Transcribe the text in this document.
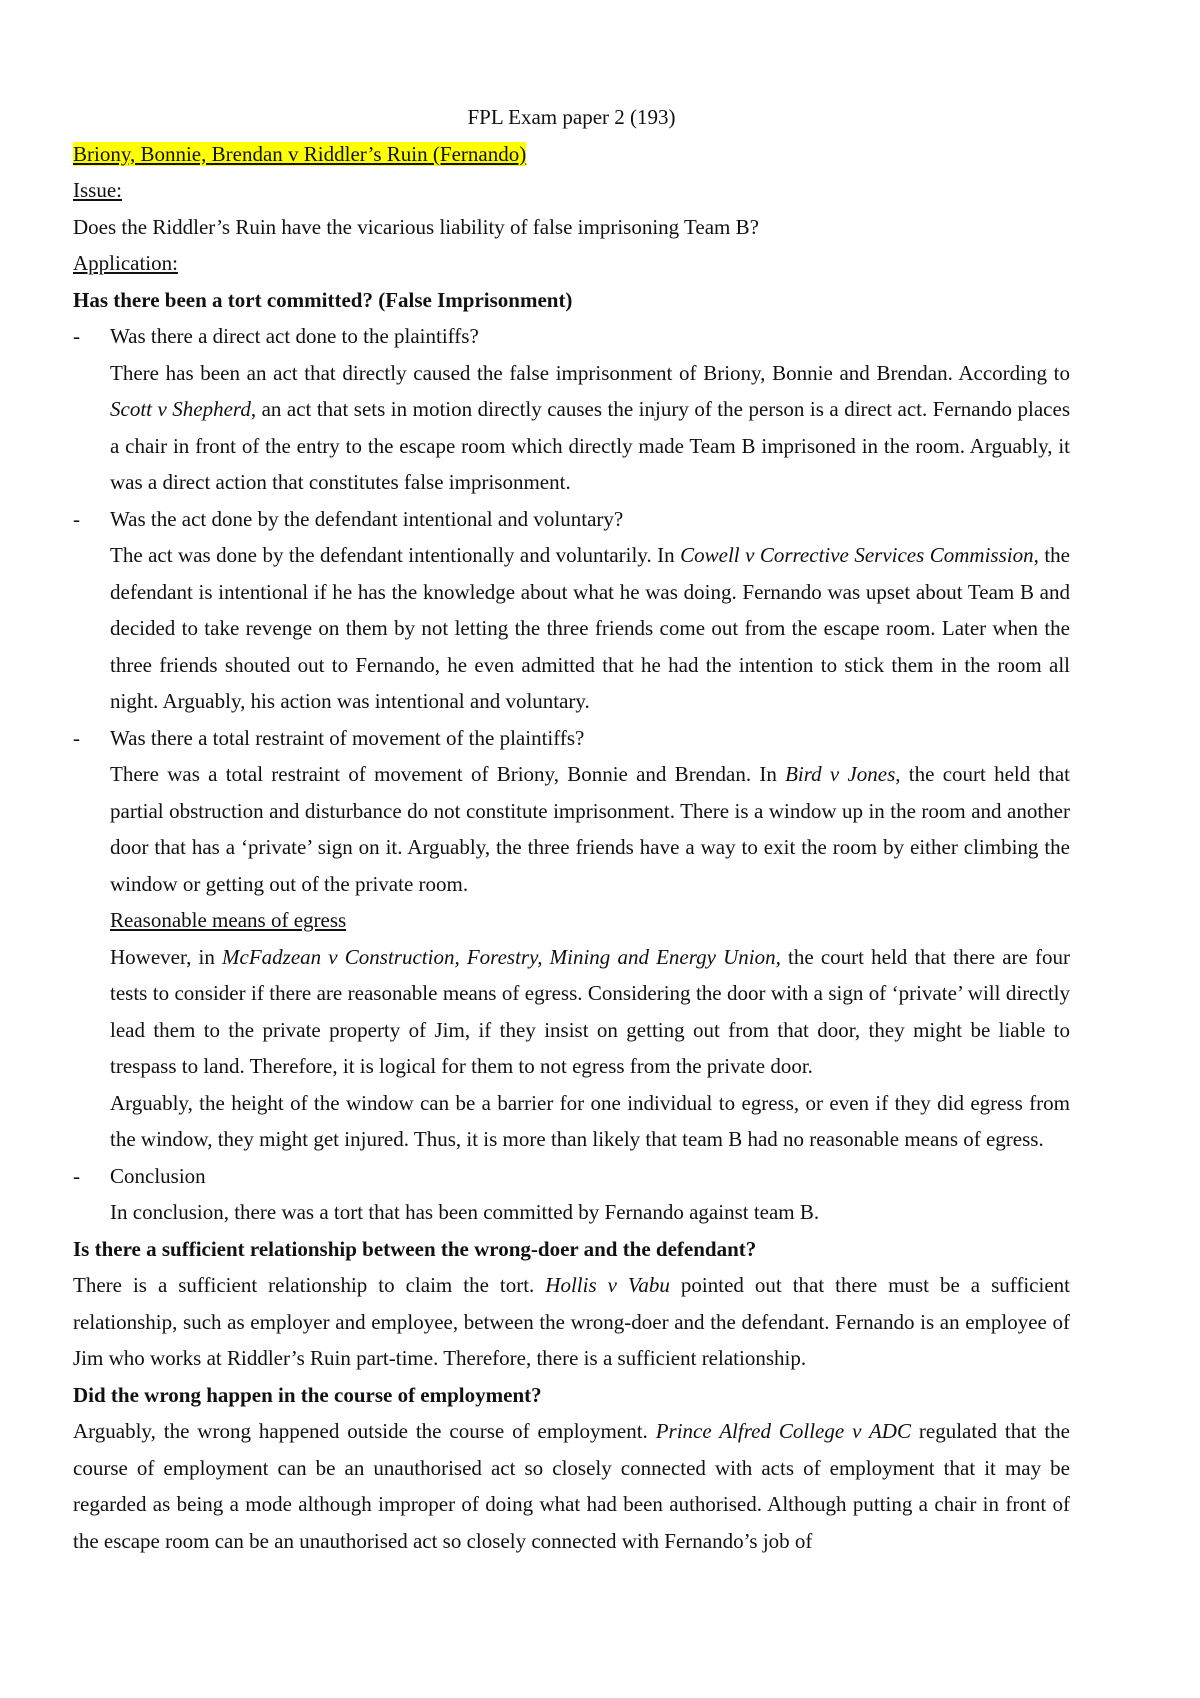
FPL Exam paper 2 (193)

Briony, Bonnie, Brendan v Riddler’s Ruin (Fernando)

Issue:

Does the Riddler’s Ruin have the vicarious liability of false imprisoning Team B?

Application:

Has there been a tort committed? (False Imprisonment)

- Was there a direct act done to the plaintiffs?

There has been an act that directly caused the false imprisonment of Briony, Bonnie and Brendan. According to Scott v Shepherd, an act that sets in motion directly causes the injury of the person is a direct act. Fernando places a chair in front of the entry to the escape room which directly made Team B imprisoned in the room. Arguably, it was a direct action that constitutes false imprisonment.

- Was the act done by the defendant intentional and voluntary?

The act was done by the defendant intentionally and voluntarily. In Cowell v Corrective Services Commission, the defendant is intentional if he has the knowledge about what he was doing. Fernando was upset about Team B and decided to take revenge on them by not letting the three friends come out from the escape room. Later when the three friends shouted out to Fernando, he even admitted that he had the intention to stick them in the room all night. Arguably, his action was intentional and voluntary.

- Was there a total restraint of movement of the plaintiffs?

There was a total restraint of movement of Briony, Bonnie and Brendan. In Bird v Jones, the court held that partial obstruction and disturbance do not constitute imprisonment. There is a window up in the room and another door that has a ‘private’ sign on it. Arguably, the three friends have a way to exit the room by either climbing the window or getting out of the private room.

Reasonable means of egress

However, in McFadzean v Construction, Forestry, Mining and Energy Union, the court held that there are four tests to consider if there are reasonable means of egress. Considering the door with a sign of ‘private’ will directly lead them to the private property of Jim, if they insist on getting out from that door, they might be liable to trespass to land. Therefore, it is logical for them to not egress from the private door.

Arguably, the height of the window can be a barrier for one individual to egress, or even if they did egress from the window, they might get injured. Thus, it is more than likely that team B had no reasonable means of egress.

- Conclusion

In conclusion, there was a tort that has been committed by Fernando against team B.

Is there a sufficient relationship between the wrong-doer and the defendant?

There is a sufficient relationship to claim the tort. Hollis v Vabu pointed out that there must be a sufficient relationship, such as employer and employee, between the wrong-doer and the defendant. Fernando is an employee of Jim who works at Riddler’s Ruin part-time. Therefore, there is a sufficient relationship.

Did the wrong happen in the course of employment?

Arguably, the wrong happened outside the course of employment. Prince Alfred College v ADC regulated that the course of employment can be an unauthorised act so closely connected with acts of employment that it may be regarded as being a mode although improper of doing what had been authorised. Although putting a chair in front of the escape room can be an unauthorised act so closely connected with Fernando’s job of
